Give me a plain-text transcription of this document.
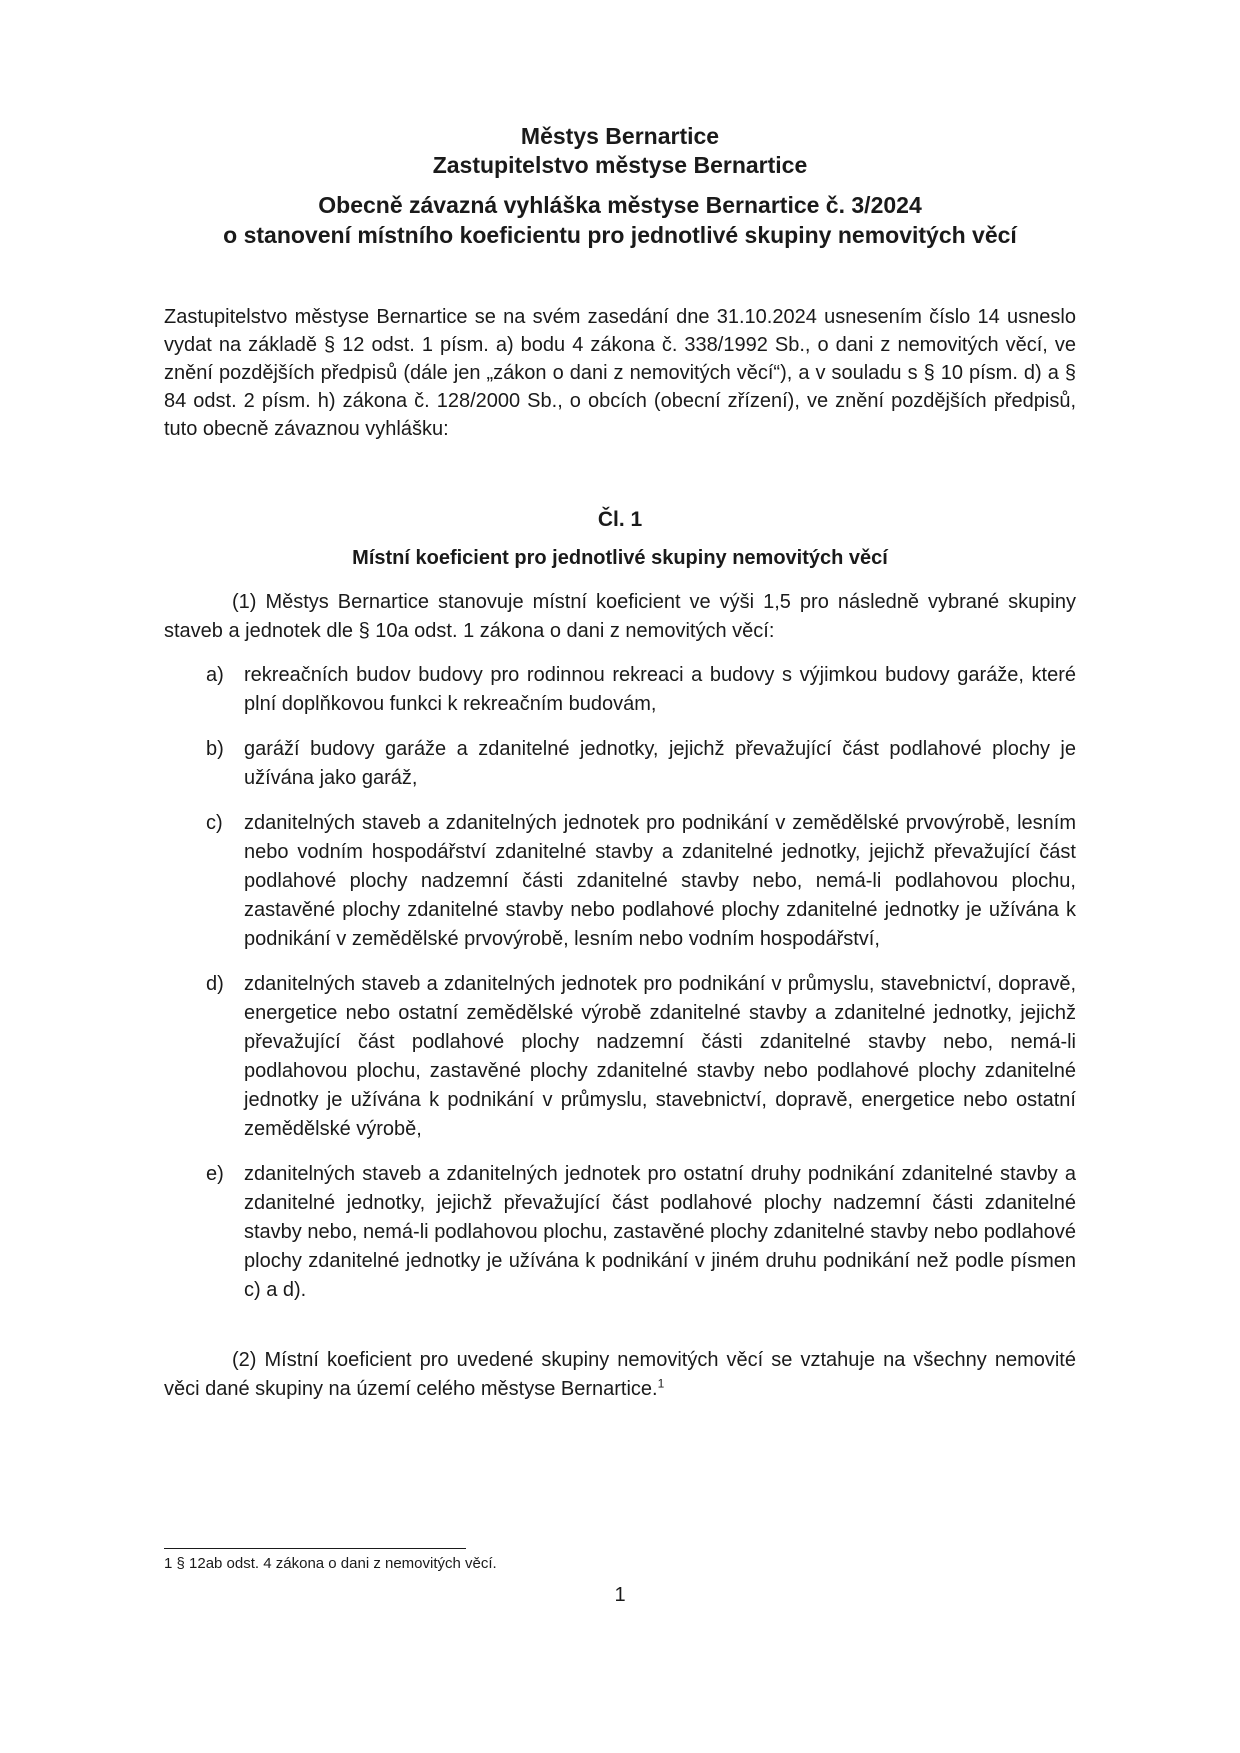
Městys Bernartice
Zastupitelstvo městyse Bernartice
Obecně závazná vyhláška městyse Bernartice č. 3/2024
o stanovení místního koeficientu pro jednotlivé skupiny nemovitých věcí

Zastupitelstvo městyse Bernartice se na svém zasedání dne 31.10.2024 usnesením číslo 14 usneslo vydat na základě § 12 odst. 1 písm. a) bodu 4 zákona č. 338/1992 Sb., o dani z nemovitých věcí, ve znění pozdějších předpisů (dále jen „zákon o dani z nemovitých věcí“), a v souladu s § 10 písm. d) a § 84 odst. 2 písm. h) zákona č. 128/2000 Sb., o obcích (obecní zřízení), ve znění pozdějších předpisů, tuto obecně závaznou vyhlášku:

Čl. 1
Místní koeficient pro jednotlivé skupiny nemovitých věcí

(1) Městys Bernartice stanovuje místní koeficient ve výši 1,5 pro následně vybrané skupiny staveb a jednotek dle § 10a odst. 1 zákona o dani z nemovitých věcí:

a) rekreačních budov budovy pro rodinnou rekreaci a budovy s výjimkou budovy garáže, které plní doplňkovou funkci k rekreačním budovám,
b) garáží budovy garáže a zdanitelné jednotky, jejichž převažující část podlahové plochy je užívána jako garáž,
c) zdanitelných staveb a zdanitelných jednotek pro podnikání v zemědělské prvovýrobě, lesním nebo vodním hospodářství zdanitelné stavby a zdanitelné jednotky, jejichž převažující část podlahové plochy nadzemní části zdanitelné stavby nebo, nemá-li podlahovou plochu, zastavěné plochy zdanitelné stavby nebo podlahové plochy zdanitelné jednotky je užívána k podnikání v zemědělské prvovýrobě, lesním nebo vodním hospodářství,
d) zdanitelných staveb a zdanitelných jednotek pro podnikání v průmyslu, stavebnictví, dopravě, energetice nebo ostatní zemědělské výrobě zdanitelné stavby a zdanitelné jednotky, jejichž převažující část podlahové plochy nadzemní části zdanitelné stavby nebo, nemá-li podlahovou plochu, zastavěné plochy zdanitelné stavby nebo podlahové plochy zdanitelné jednotky je užívána k podnikání v průmyslu, stavebnictví, dopravě, energetice nebo ostatní zemědělské výrobě,
e) zdanitelných staveb a zdanitelných jednotek pro ostatní druhy podnikání zdanitelné stavby a zdanitelné jednotky, jejichž převažující část podlahové plochy nadzemní části zdanitelné stavby nebo, nemá-li podlahovou plochu, zastavěné plochy zdanitelné stavby nebo podlahové plochy zdanitelné jednotky je užívána k podnikání v jiném druhu podnikání než podle písmen c) a d).

(2) Místní koeficient pro uvedené skupiny nemovitých věcí se vztahuje na všechny nemovité věci dané skupiny na území celého městyse Bernartice.$^1$

1 § 12ab odst. 4 zákona o dani z nemovitých věcí.
1
